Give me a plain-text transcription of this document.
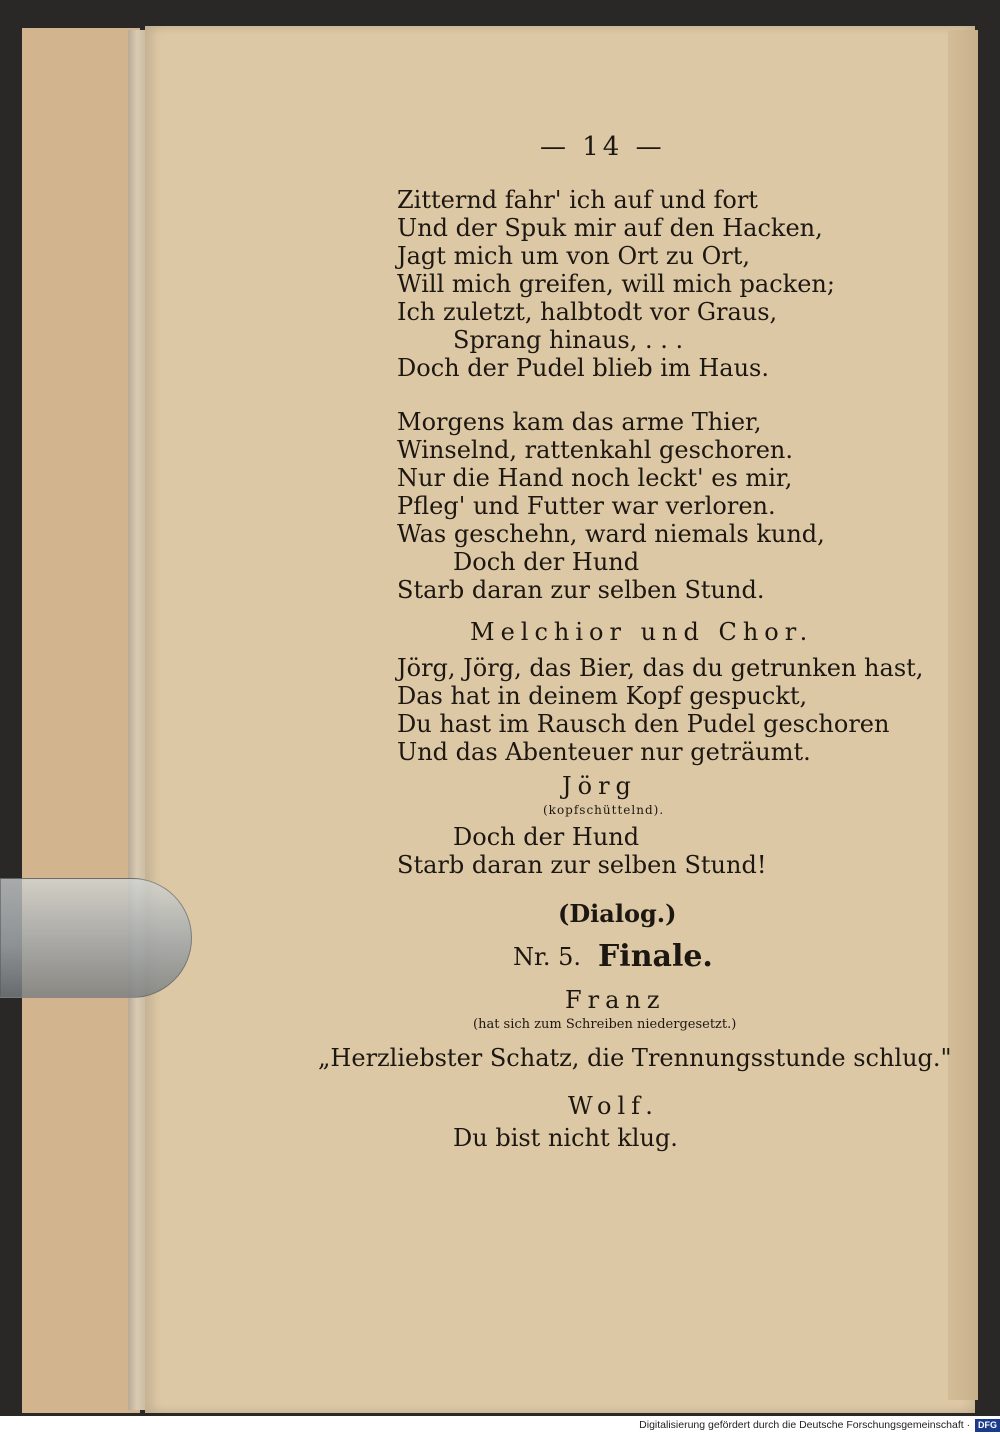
— 14 —
Zitternd fahr' ich auf und fort
Und der Spuk mir auf den Hacken,
Jagt mich um von Ort zu Ort,
Will mich greifen, will mich packen;
Ich zuletzt, halbtodt vor Graus,
Sprang hinaus, . . .
Doch der Pudel blieb im Haus.
Morgens kam das arme Thier,
Winselnd, rattenkahl geschoren.
Nur die Hand noch leckt' es mir,
Pfleg' und Futter war verloren.
Was geschehn, ward niemals kund,
Doch der Hund
Starb daran zur selben Stund.
Melchior und Chor.
Jörg, Jörg, das Bier, das du getrunken hast,
Das hat in deinem Kopf gespuckt,
Du hast im Rausch den Pudel geschoren
Und das Abenteuer nur geträumt.
Jörg
(kopfschüttelnd).
Doch der Hund
Starb daran zur selben Stund!
(Dialog.)
Nr. 5. Finale.
Franz
(hat sich zum Schreiben niedergesetzt.)
„Herzliebster Schatz, die Trennungsstunde schlug."
Wolf.
Du bist nicht klug.
Digitalisierung gefördert durch die Deutsche Forschungsgemeinschaft · DFG
